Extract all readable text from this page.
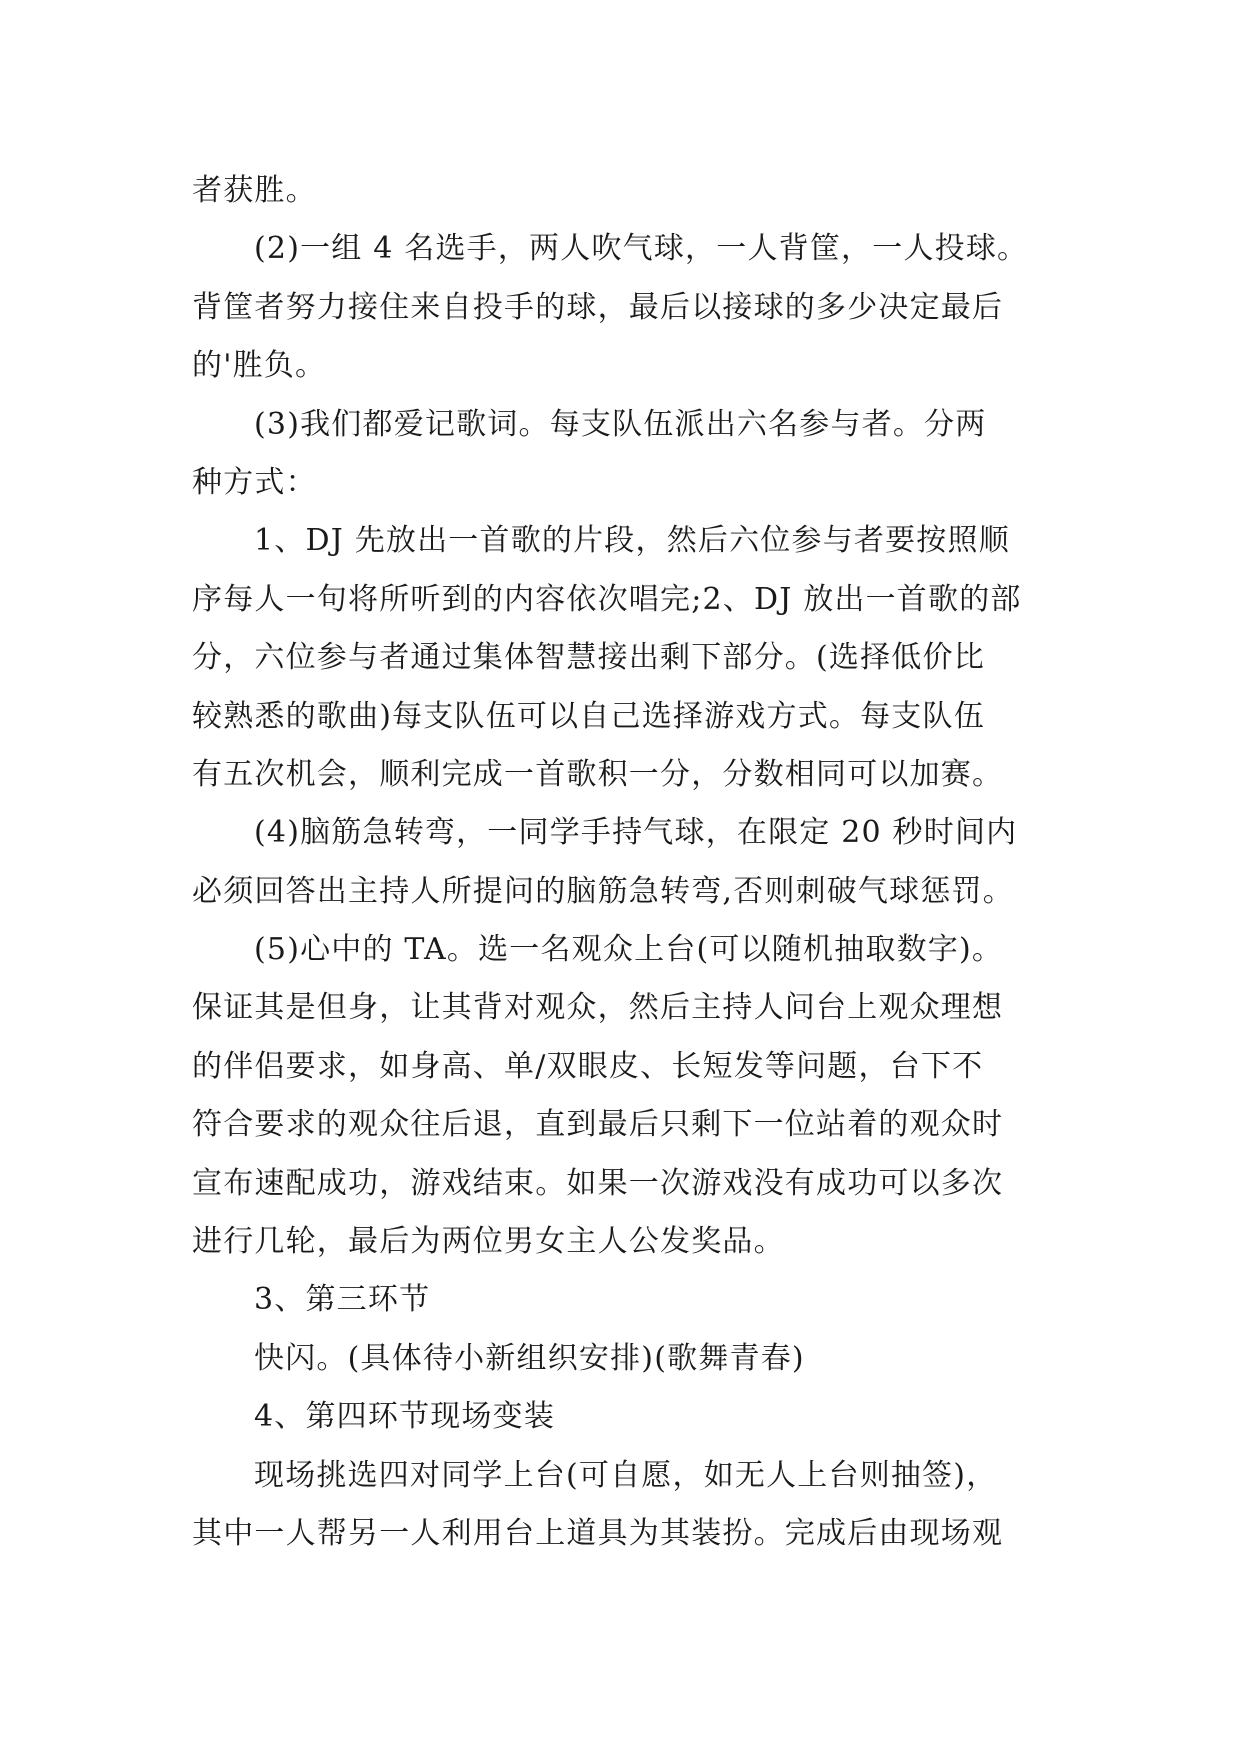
者获胜。
(2)一组 4 名选手，两人吹气球，一人背筐，一人投球。
背筐者努力接住来自投手的球，最后以接球的多少决定最后
的'胜负。
(3)我们都爱记歌词。每支队伍派出六名参与者。分两
种方式：
1、DJ 先放出一首歌的片段，然后六位参与者要按照顺
序每人一句将所听到的内容依次唱完;2、DJ 放出一首歌的部
分，六位参与者通过集体智慧接出剩下部分。(选择低价比
较熟悉的歌曲)每支队伍可以自己选择游戏方式。每支队伍
有五次机会，顺利完成一首歌积一分，分数相同可以加赛。
(4)脑筋急转弯，一同学手持气球，在限定 20 秒时间内
必须回答出主持人所提问的脑筋急转弯,否则刺破气球惩罚。
(5)心中的 TA。选一名观众上台(可以随机抽取数字)。
保证其是但身，让其背对观众，然后主持人问台上观众理想
的伴侣要求，如身高、单/双眼皮、长短发等问题，台下不
符合要求的观众往后退，直到最后只剩下一位站着的观众时
宣布速配成功，游戏结束。如果一次游戏没有成功可以多次
进行几轮，最后为两位男女主人公发奖品。
3、第三环节
快闪。(具体待小新组织安排)(歌舞青春)
4、第四环节现场变装
现场挑选四对同学上台(可自愿，如无人上台则抽签)，
其中一人帮另一人利用台上道具为其装扮。完成后由现场观
